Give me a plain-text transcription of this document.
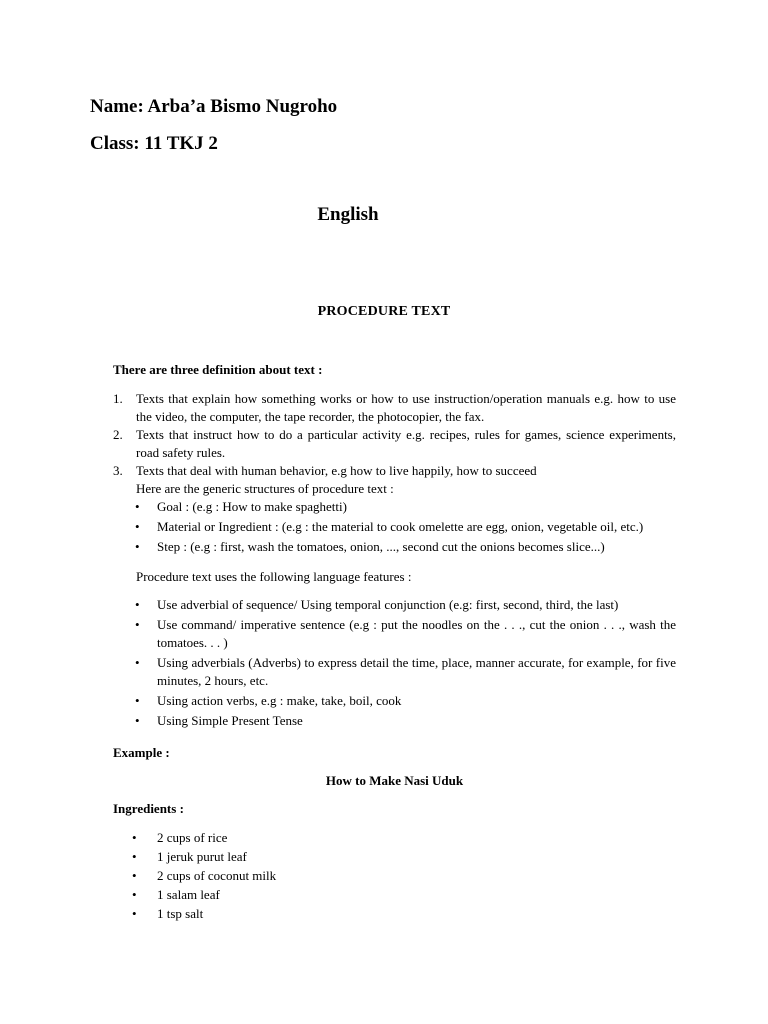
Name: Arba’a Bismo Nugroho
Class: 11 TKJ 2
English
PROCEDURE TEXT

There are three definition about text :

1. Texts that explain how something works or how to use instruction/operation manuals e.g. how to use the video, the computer, the tape recorder, the photocopier, the fax.
2. Texts that instruct how to do a particular activity e.g. recipes, rules for games, science experiments, road safety rules.
3. Texts that deal with human behavior, e.g how to live happily, how to succeed
Here are the generic structures of procedure text :
• Goal : (e.g : How to make spaghetti)
• Material or Ingredient : (e.g : the material to cook omelette are egg, onion, vegetable oil, etc.)
• Step : (e.g : first, wash the tomatoes, onion, ..., second cut the onions becomes slice...)

Procedure text uses the following language features :

• Use adverbial of sequence/ Using temporal conjunction (e.g: first, second, third, the last)
• Use command/ imperative sentence (e.g : put the noodles on the . . ., cut the onion . . ., wash the tomatoes. . . )
• Using adverbials (Adverbs) to express detail the time, place, manner accurate, for example, for five minutes, 2 hours, etc.
• Using action verbs, e.g : make, take, boil, cook
• Using Simple Present Tense

Example :

How to Make Nasi Uduk

Ingredients :

• 2 cups of rice
• 1 jeruk purut leaf
• 2 cups of coconut milk
• 1 salam leaf
• 1 tsp salt
